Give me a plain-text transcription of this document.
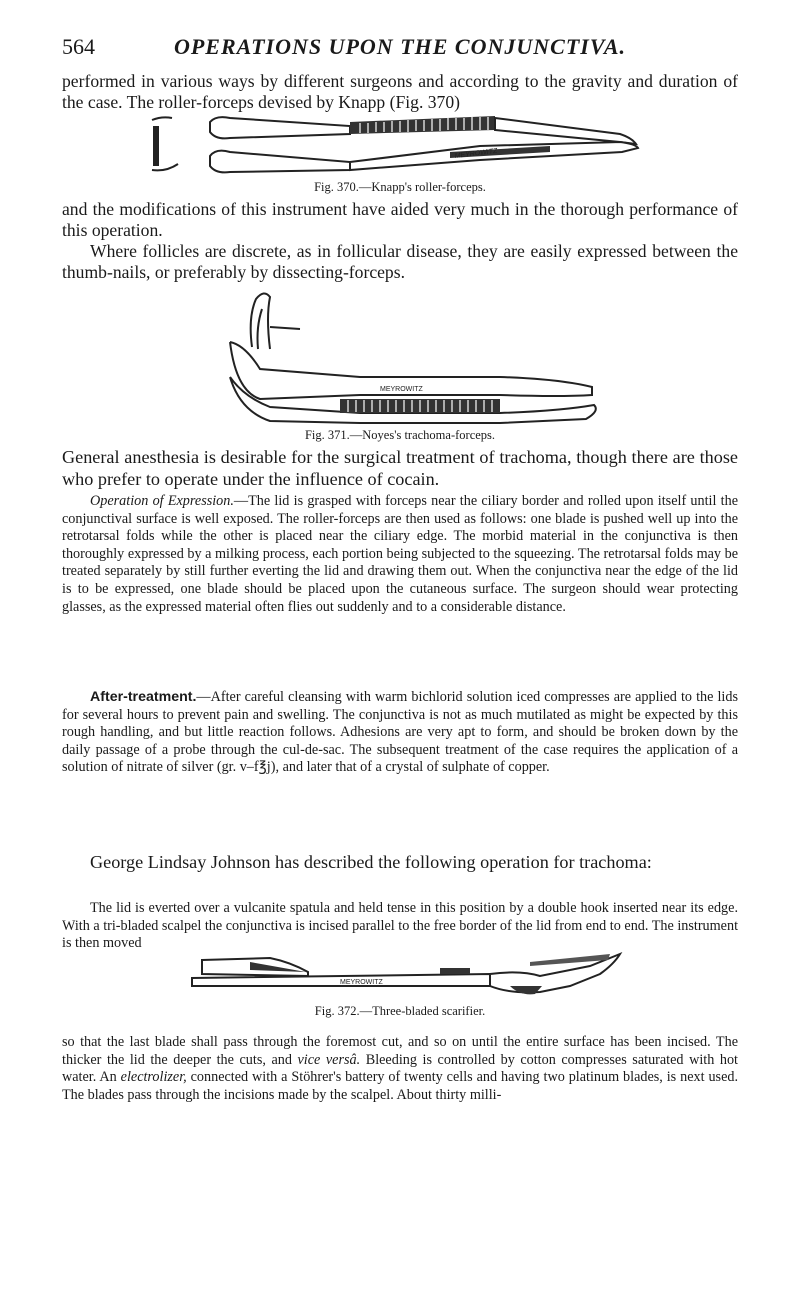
564	OPERATIONS UPON THE CONJUNCTIVA.

performed in various ways by different surgeons and according to the gravity and duration of the case. The roller-forceps devised by Knapp (Fig. 370)

MEYROWITZ
Fig. 370.—Knapp's roller-forceps.

and the modifications of this instrument have aided very much in the thorough performance of this operation.

Where follicles are discrete, as in follicular disease, they are easily expressed between the thumb-nails, or preferably by dissecting-forceps.

MEYROWITZ
Fig. 371.—Noyes's trachoma-forceps.

General anesthesia is desirable for the surgical treatment of trachoma, though there are those who prefer to operate under the influence of cocain.

Operation of Expression.—The lid is grasped with forceps near the ciliary border and rolled upon itself until the conjunctival surface is well exposed. The roller-forceps are then used as follows: one blade is pushed well up into the retrotarsal folds while the other is placed near the ciliary edge. The morbid material in the conjunctiva is then thoroughly expressed by a milking process, each portion being subjected to the squeezing. The retrotarsal folds may be treated separately by still further everting the lid and drawing them out. When the conjunctiva near the edge of the lid is to be expressed, one blade should be placed upon the cutaneous surface. The surgeon should wear protecting glasses, as the expressed material often flies out suddenly and to a considerable distance.

After-treatment.—After careful cleansing with warm bichlorid solution iced compresses are applied to the lids for several hours to prevent pain and swelling. The conjunctiva is not as much mutilated as might be expected by this rough handling, and but little reaction follows. Adhesions are very apt to form, and should be broken down by the daily passage of a probe through the cul-de-sac. The subsequent treatment of the case requires the application of a solution of nitrate of silver (gr. v–f℥j), and later that of a crystal of sulphate of copper.

George Lindsay Johnson has described the following operation for trachoma:

The lid is everted over a vulcanite spatula and held tense in this position by a double hook inserted near its edge. With a tri-bladed scalpel the conjunctiva is incised parallel to the free border of the lid from end to end. The instrument is then moved

MEYROWITZ
Fig. 372.—Three-bladed scarifier.

so that the last blade shall pass through the foremost cut, and so on until the entire surface has been incised. The thicker the lid the deeper the cuts, and vice versâ. Bleeding is controlled by cotton compresses saturated with hot water. An electrolizer, connected with a Stöhrer's battery of twenty cells and having two platinum blades, is next used. The blades pass through the incisions made by the scalpel. About thirty milli-
